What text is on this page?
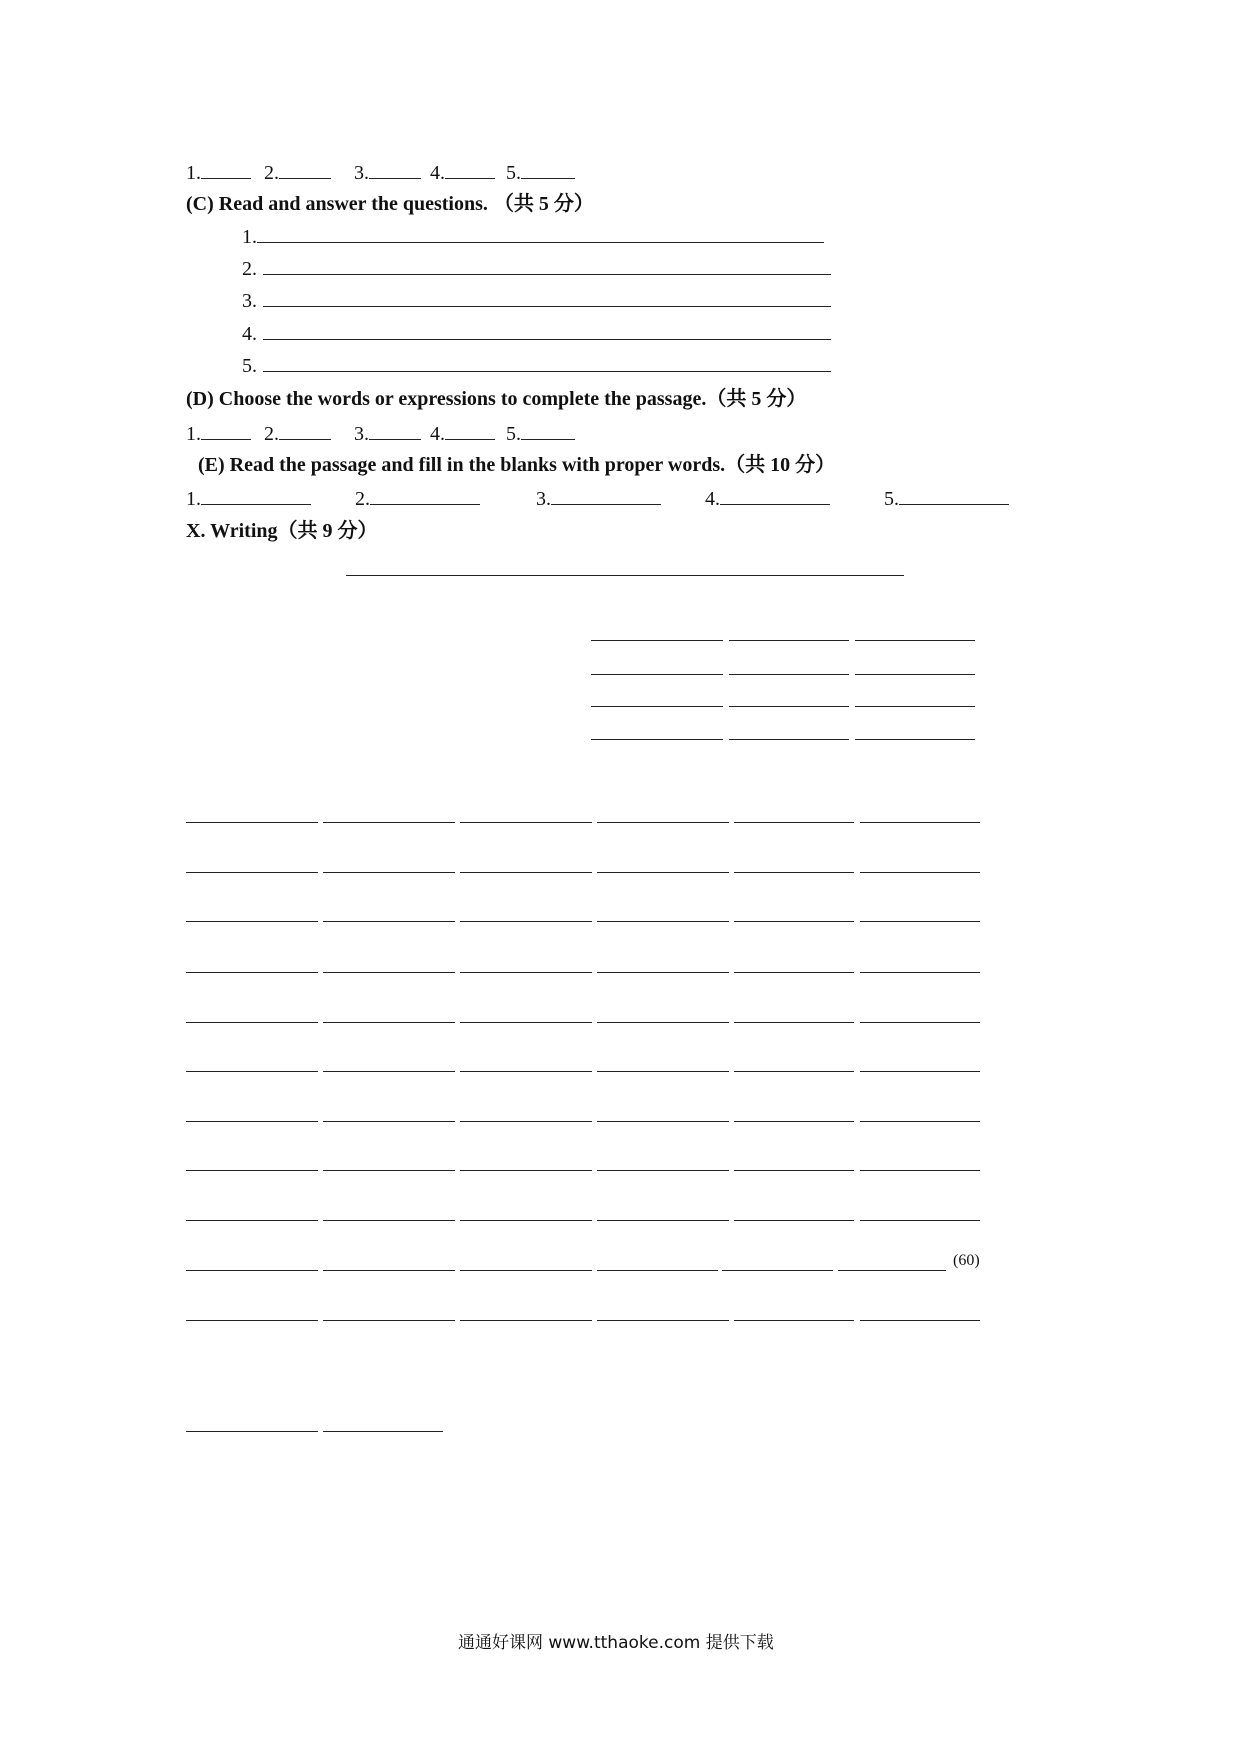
1.	2.	3.	4.	5.
(C) Read and answer the questions. （共 5 分）
1.
2.
3.
4.
5.
(D) Choose the words or expressions to complete the passage.（共 5 分）
1.	2.	3.	4.	5.
(E) Read the passage and fill in the blanks with proper words.（共 10 分）
1.	2.	3.	4.	5.
X. Writing（共 9 分）
(60)
通通好课网 www.tthaoke.com 提供下载
